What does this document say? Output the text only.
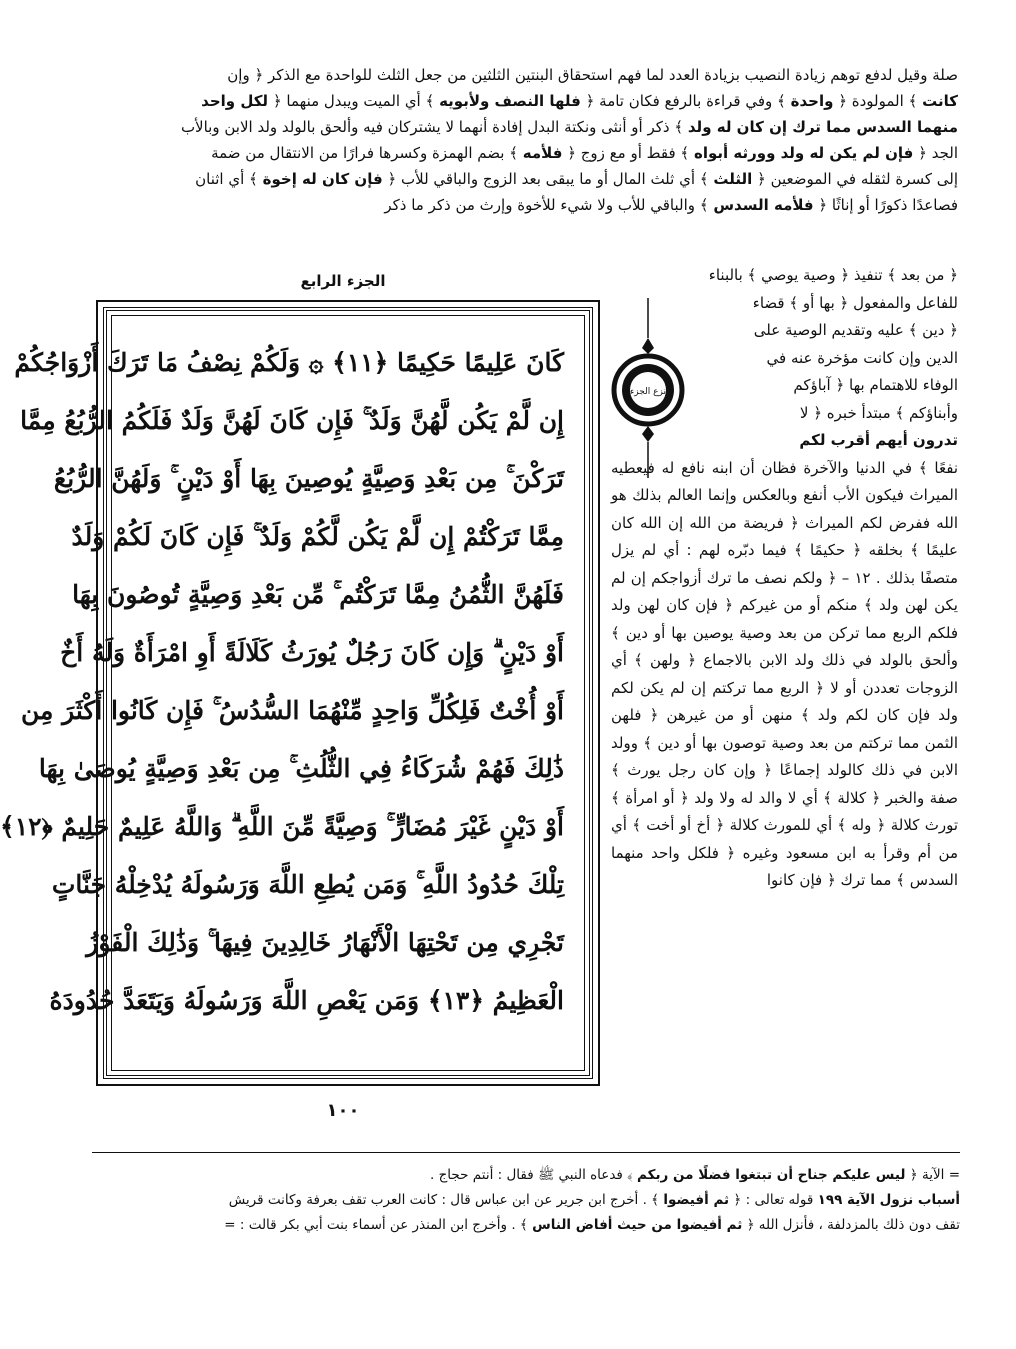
صلة وقيل لدفع توهم زيادة النصيب بزيادة العدد لما فهم استحقاق البنتين الثلثين من جعل الثلث للواحدة مع الذكر ﴿ وإن

كانت ﴾ المولودة ﴿ واحدة ﴾ وفي قراءة بالرفع فكان تامة ﴿ فلها النصف ولأبويه ﴾ أي الميت ويبدل منهما ﴿ لكل واحد

منهما السدس مما ترك إن كان له ولد ﴾ ذكر أو أنثى ونكتة البدل إفادة أنهما لا يشتركان فيه وألحق بالولد ولد الابن وبالأب

الجد ﴿ فإن لم يكن له ولد وورثه أبواه ﴾ فقط أو مع زوج ﴿ فلأمه ﴾ بضم الهمزة وكسرها فرارًا من الانتقال من ضمة

إلى كسرة لثقله في الموضعين ﴿ الثلث ﴾ أي ثلث المال أو ما يبقى بعد الزوج والباقي للأب ﴿ فإن كان له إخوة ﴾ أي اثنان

فصاعدًا ذكورًا أو إناثًا ﴿ فلأمه السدس ﴾ والباقي للأب ولا شيء للأخوة وإرث من ذكر ما ذكر

الجزء الرابع
كَانَ عَلِيمًا حَكِيمًا ﴿١١﴾ ۞ وَلَكُمْ نِصْفُ مَا تَرَكَ أَزْوَاجُكُمْ
إِن لَّمْ يَكُن لَّهُنَّ وَلَدٌ ۚ فَإِن كَانَ لَهُنَّ وَلَدٌ فَلَكُمُ الرُّبُعُ مِمَّا
تَرَكْنَ ۚ مِن بَعْدِ وَصِيَّةٍ يُوصِينَ بِهَا أَوْ دَيْنٍ ۚ وَلَهُنَّ الرُّبُعُ
مِمَّا تَرَكْتُمْ إِن لَّمْ يَكُن لَّكُمْ وَلَدٌ ۚ فَإِن كَانَ لَكُمْ وَلَدٌ
فَلَهُنَّ الثُّمُنُ مِمَّا تَرَكْتُم ۚ مِّن بَعْدِ وَصِيَّةٍ تُوصُونَ بِهَا
أَوْ دَيْنٍ ۗ وَإِن كَانَ رَجُلٌ يُورَثُ كَلَالَةً أَوِ امْرَأَةٌ وَلَهُ أَخٌ
أَوْ أُخْتٌ فَلِكُلِّ وَاحِدٍ مِّنْهُمَا السُّدُسُ ۚ فَإِن كَانُوا أَكْثَرَ مِن
ذَٰلِكَ فَهُمْ شُرَكَاءُ فِي الثُّلُثِ ۚ مِن بَعْدِ وَصِيَّةٍ يُوصَىٰ بِهَا
أَوْ دَيْنٍ غَيْرَ مُضَارٍّ ۚ وَصِيَّةً مِّنَ اللَّهِ ۗ وَاللَّهُ عَلِيمٌ حَلِيمٌ ﴿١٢﴾
تِلْكَ حُدُودُ اللَّهِ ۚ وَمَن يُطِعِ اللَّهَ وَرَسُولَهُ يُدْخِلْهُ جَنَّاتٍ
تَجْرِي مِن تَحْتِهَا الْأَنْهَارُ خَالِدِينَ فِيهَا ۚ وَذَٰلِكَ الْفَوْزُ
الْعَظِيمُ ﴿١٣﴾ وَمَن يَعْصِ اللَّهَ وَرَسُولَهُ وَيَتَعَدَّ حُدُودَهُ
١٠٠
نزع الجزء

﴿ من بعد ﴾ تنفيذ ﴿ وصية يوصي ﴾ بالبناء

للفاعل والمفعول ﴿ بها أو ﴾ قضاء

﴿ دين ﴾ عليه وتقديم الوصية على

الدين وإن كانت مؤخرة عنه في

الوفاء للاهتمام بها ﴿ آباؤكم

وأبناؤكم ﴾ مبتدأ خبره ﴿ لا

تدرون أيهم أقرب لكم

نفعًا ﴾ في الدنيا والآخرة فظان أن ابنه نافع له فيعطيه الميراث فيكون الأب أنفع وبالعكس وإنما العالم بذلك هو الله ففرض لكم الميراث ﴿ فريضة من الله إن الله كان عليمًا ﴾ بخلقه ﴿ حكيمًا ﴾ فيما دبّره لهم : أي لم يزل متصفًا بذلك . ١٢ – ﴿ ولكم نصف ما ترك أزواجكم إن لم يكن لهن ولد ﴾ منكم أو من غيركم ﴿ فإن كان لهن ولد فلكم الربع مما تركن من بعد وصية يوصين بها أو دين ﴾ وألحق بالولد في ذلك ولد الابن بالاجماع ﴿ ولهن ﴾ أي الزوجات تعددن أو لا ﴿ الربع مما تركتم إن لم يكن لكم ولد فإن كان لكم ولد ﴾ منهن أو من غيرهن ﴿ فلهن الثمن مما تركتم من بعد وصية توصون بها أو دين ﴾ وولد الابن في ذلك كالولد إجماعًا ﴿ وإن كان رجل يورث ﴾ صفة والخبر ﴿ كلالة ﴾ أي لا والد له ولا ولد ﴿ أو امرأة ﴾ تورث كلالة ﴿ وله ﴾ أي للمورث كلالة ﴿ أخ أو أخت ﴾ أي من أم وقرأ به ابن مسعود وغيره ﴿ فلكل واحد منهما السدس ﴾ مما ترك ﴿ فإن كانوا

= الآية ﴿ ليس عليكم جناح أن تبتغوا فضلًا من ربكم ﴾ فدعاه النبي ﷺ فقال : أنتم حجاج .

أسباب نزول الآية ١٩٩ قوله تعالى : ﴿ ثم أفيضوا ﴾ . أخرج ابن جرير عن ابن عباس قال : كانت العرب تقف بعرفة وكانت قريش

تقف دون ذلك بالمزدلفة ، فأنزل الله ﴿ ثم أفيضوا من حيث أفاض الناس ﴾ . وأخرج ابن المنذر عن أسماء بنت أبي بكر قالت : =
